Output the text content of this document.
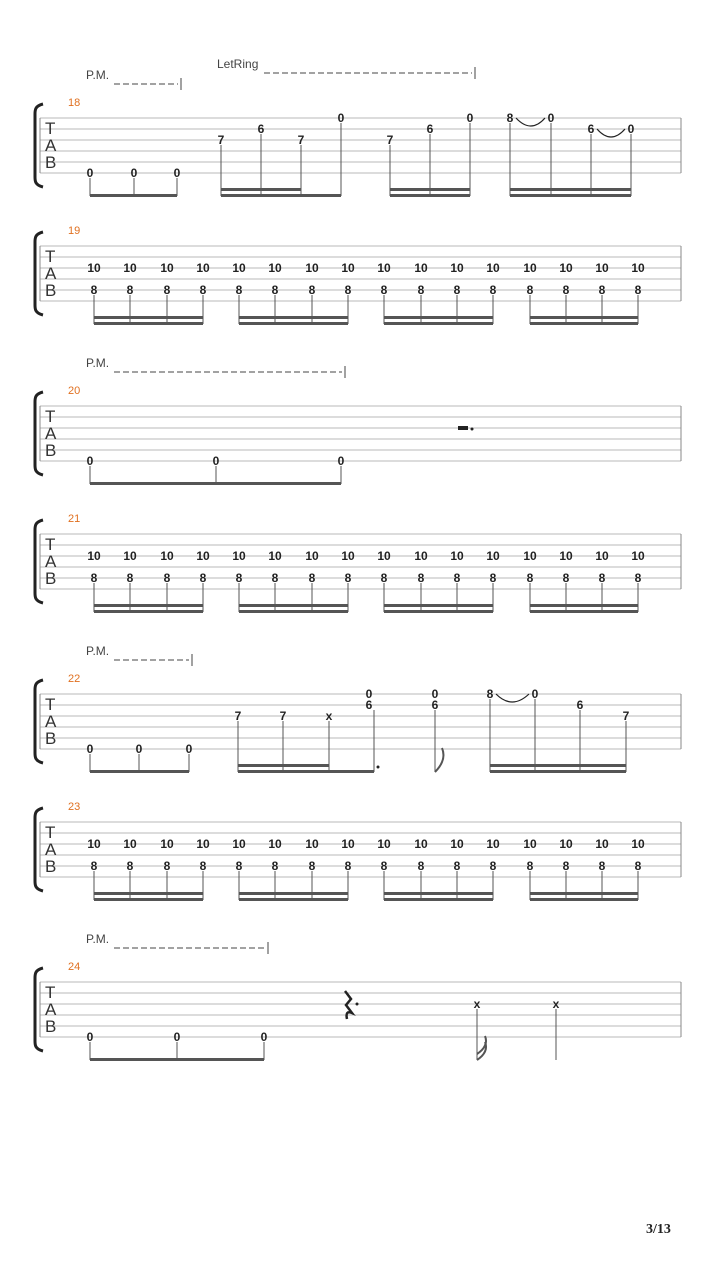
P.M.
LetRing
18
T
A
B
0	0	0
7
6
7
0
7
6
0	8	0
6	0
19
T
A
B
10
8
10
8
10
8
10
8
10
8
10
8
10
8
10
8
10
8
10
8
10
8
10
8
10
8
10
8
10
8
10
8
P.M.
20
T
A
B
0	0	0
21
T
A
B
10
8
10
8
10
8
10
8
10
8
10
8
10
8
10
8
10
8
10
8
10
8
10
8
10
8
10
8
10
8
10
8
P.M.
22
T
A
B
0	0	0
7	7	x
0
6
0
6
8	0
6
7
23
T
A
B
10
8
10
8
10
8
10
8
10
8
10
8
10
8
10
8
10
8
10
8
10
8
10
8
10
8
10
8
10
8
10
8
P.M.
24
T
A
B
0	0	0
x	x
3/13
